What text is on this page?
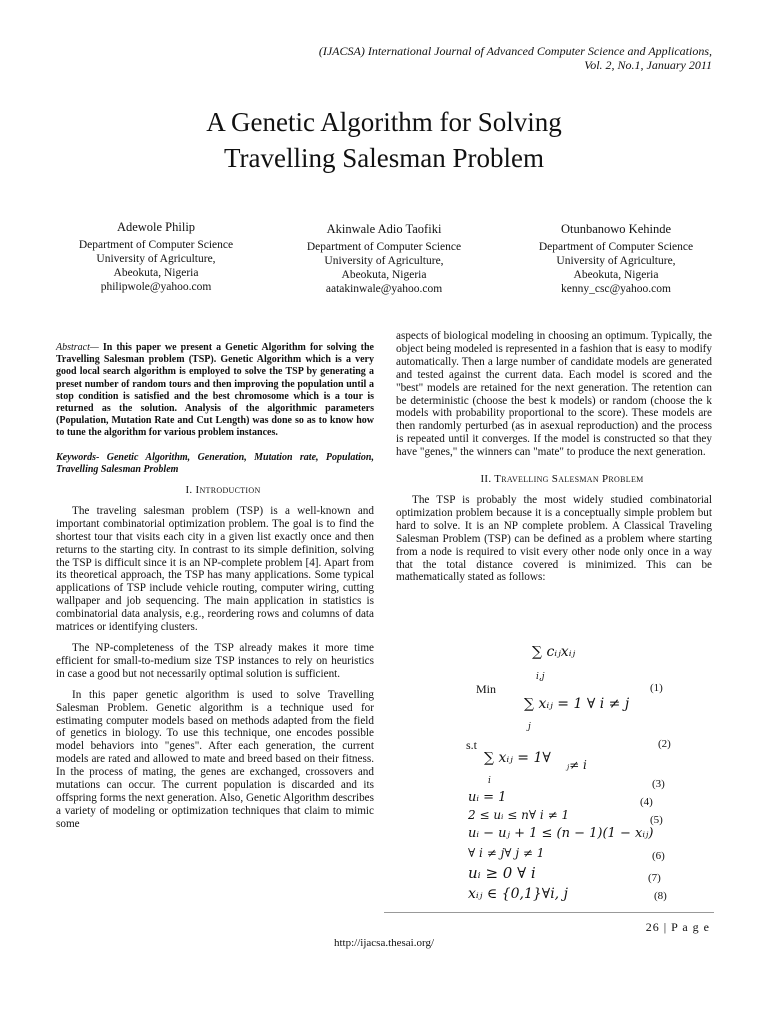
(IJACSA) International Journal of Advanced Computer Science and Applications,
Vol. 2, No.1, January 2011
A Genetic Algorithm for Solving
Travelling Salesman Problem
Adewole Philip
Department of Computer Science
University of Agriculture,
Abeokuta, Nigeria
philipwole@yahoo.com
Akinwale Adio Taofiki
Department of Computer Science
University of Agriculture,
Abeokuta, Nigeria
aatakinwale@yahoo.com
Otunbanowo Kehinde
Department of Computer Science
University of Agriculture,
Abeokuta, Nigeria
kenny_csc@yahoo.com

Abstract— In this paper we present a Genetic Algorithm for solving the Travelling Salesman problem (TSP). Genetic Algorithm which is a very good local search algorithm is employed to solve the TSP by generating a preset number of random tours and then improving the population until a stop condition is satisfied and the best chromosome which is a tour is returned as the solution. Analysis of the algorithmic parameters (Population, Mutation Rate and Cut Length) was done so as to know how to tune the algorithm for various problem instances.

Keywords- Genetic Algorithm, Generation, Mutation rate, Population, Travelling Salesman Problem

I. Introduction

The traveling salesman problem (TSP) is a well-known and important combinatorial optimization problem. The goal is to find the shortest tour that visits each city in a given list exactly once and then returns to the starting city. In contrast to its simple definition, solving the TSP is difficult since it is an NP-complete problem [4]. Apart from its theoretical approach, the TSP has many applications. Some typical applications of TSP include vehicle routing, computer wiring, cutting wallpaper and job sequencing. The main application in statistics is combinatorial data analysis, e.g., reordering rows and columns of data matrices or identifying clusters.

The NP-completeness of the TSP already makes it more time efficient for small-to-medium size TSP instances to rely on heuristics in case a good but not necessarily optimal solution is sufficient.

In this paper genetic algorithm is used to solve Travelling Salesman Problem. Genetic algorithm is a technique used for estimating computer models based on methods adapted from the field of genetics in biology. To use this technique, one encodes possible model behaviors into "genes". After each generation, the current models are rated and allowed to mate and breed based on their fitness. In the process of mating, the genes are exchanged, crossovers and mutations can occur. The current population is discarded and its offspring forms the next generation. Also, Genetic Algorithm describes a variety of modeling or optimization techniques that claim to mimic some

aspects of biological modeling in choosing an optimum. Typically, the object being modeled is represented in a fashion that is easy to modify automatically. Then a large number of candidate models are generated and tested against the current data. Each model is scored and the "best" models are retained for the next generation. The retention can be deterministic (choose the best k models) or random (choose the k models with probability proportional to the score). These models are then randomly perturbed (as in asexual reproduction) and the process is repeated until it converges. If the model is constructed so that they have "genes," the winners can "mate" to produce the next generation.

II. Travelling Salesman Problem

The TSP is probably the most widely studied combinatorial optimization problem because it is a conceptually simple problem but hard to solve. It is an NP complete problem. A Classical Traveling Salesman Problem (TSP) can be defined as a problem where starting from a node is required to visit every other node only once in a way that the total distance covered is minimized. This can be mathematically stated as follows:

Min
∑ cᵢⱼxᵢⱼ
i,j
(1)
∑ xᵢⱼ = 1 ∀ i ≠ j
j
s.t	(2)
∑ xᵢⱼ = 1∀ ⱼ≠ i
i	(3)
uᵢ = 1	(4)
2 ≤ uᵢ ≤ n∀ i ≠ 1	(5)
uᵢ − uⱼ + 1 ≤ (n − 1)(1 − xᵢⱼ)
∀ i ≠ j∀ j ≠ 1	(6)
uᵢ ≥ 0 ∀ i	(7)
xᵢⱼ ∈ {0,1}∀i, j	(8)
26 | P a g e
http://ijacsa.thesai.org/
